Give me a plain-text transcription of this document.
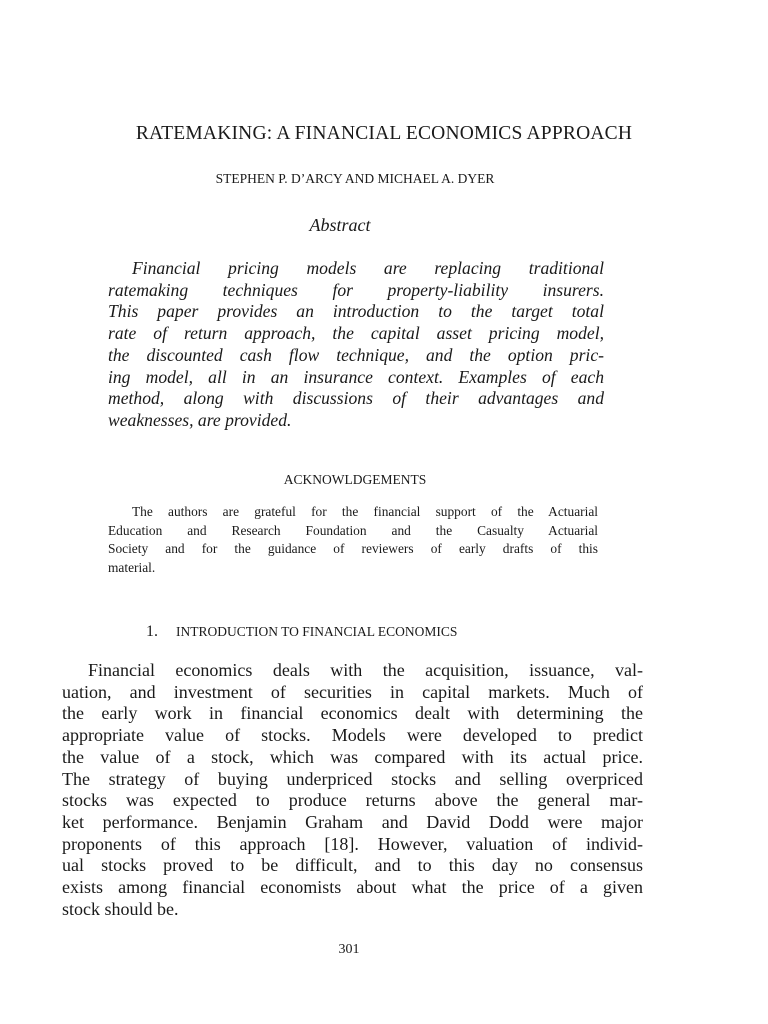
RATEMAKING: A FINANCIAL ECONOMICS APPROACH
STEPHEN P. D’ARCY AND MICHAEL A. DYER
Abstract
Financial pricing models are replacing traditional
ratemaking techniques for property-liability insurers.
This paper provides an introduction to the target total
rate of return approach, the capital asset pricing model,
the discounted cash flow technique, and the option pric-
ing model, all in an insurance context. Examples of each
method, along with discussions of their advantages and
weaknesses, are provided.
ACKNOWLDGEMENTS
The authors are grateful for the financial support of the Actuarial
Education and Research Foundation and the Casualty Actuarial
Society and for the guidance of reviewers of early drafts of this
material.
1. INTRODUCTION TO FINANCIAL ECONOMICS
Financial economics deals with the acquisition, issuance, val-
uation, and investment of securities in capital markets. Much of
the early work in financial economics dealt with determining the
appropriate value of stocks. Models were developed to predict
the value of a stock, which was compared with its actual price.
The strategy of buying underpriced stocks and selling overpriced
stocks was expected to produce returns above the general mar-
ket performance. Benjamin Graham and David Dodd were major
proponents of this approach [18]. However, valuation of individ-
ual stocks proved to be difficult, and to this day no consensus
exists among financial economists about what the price of a given
stock should be.
301
